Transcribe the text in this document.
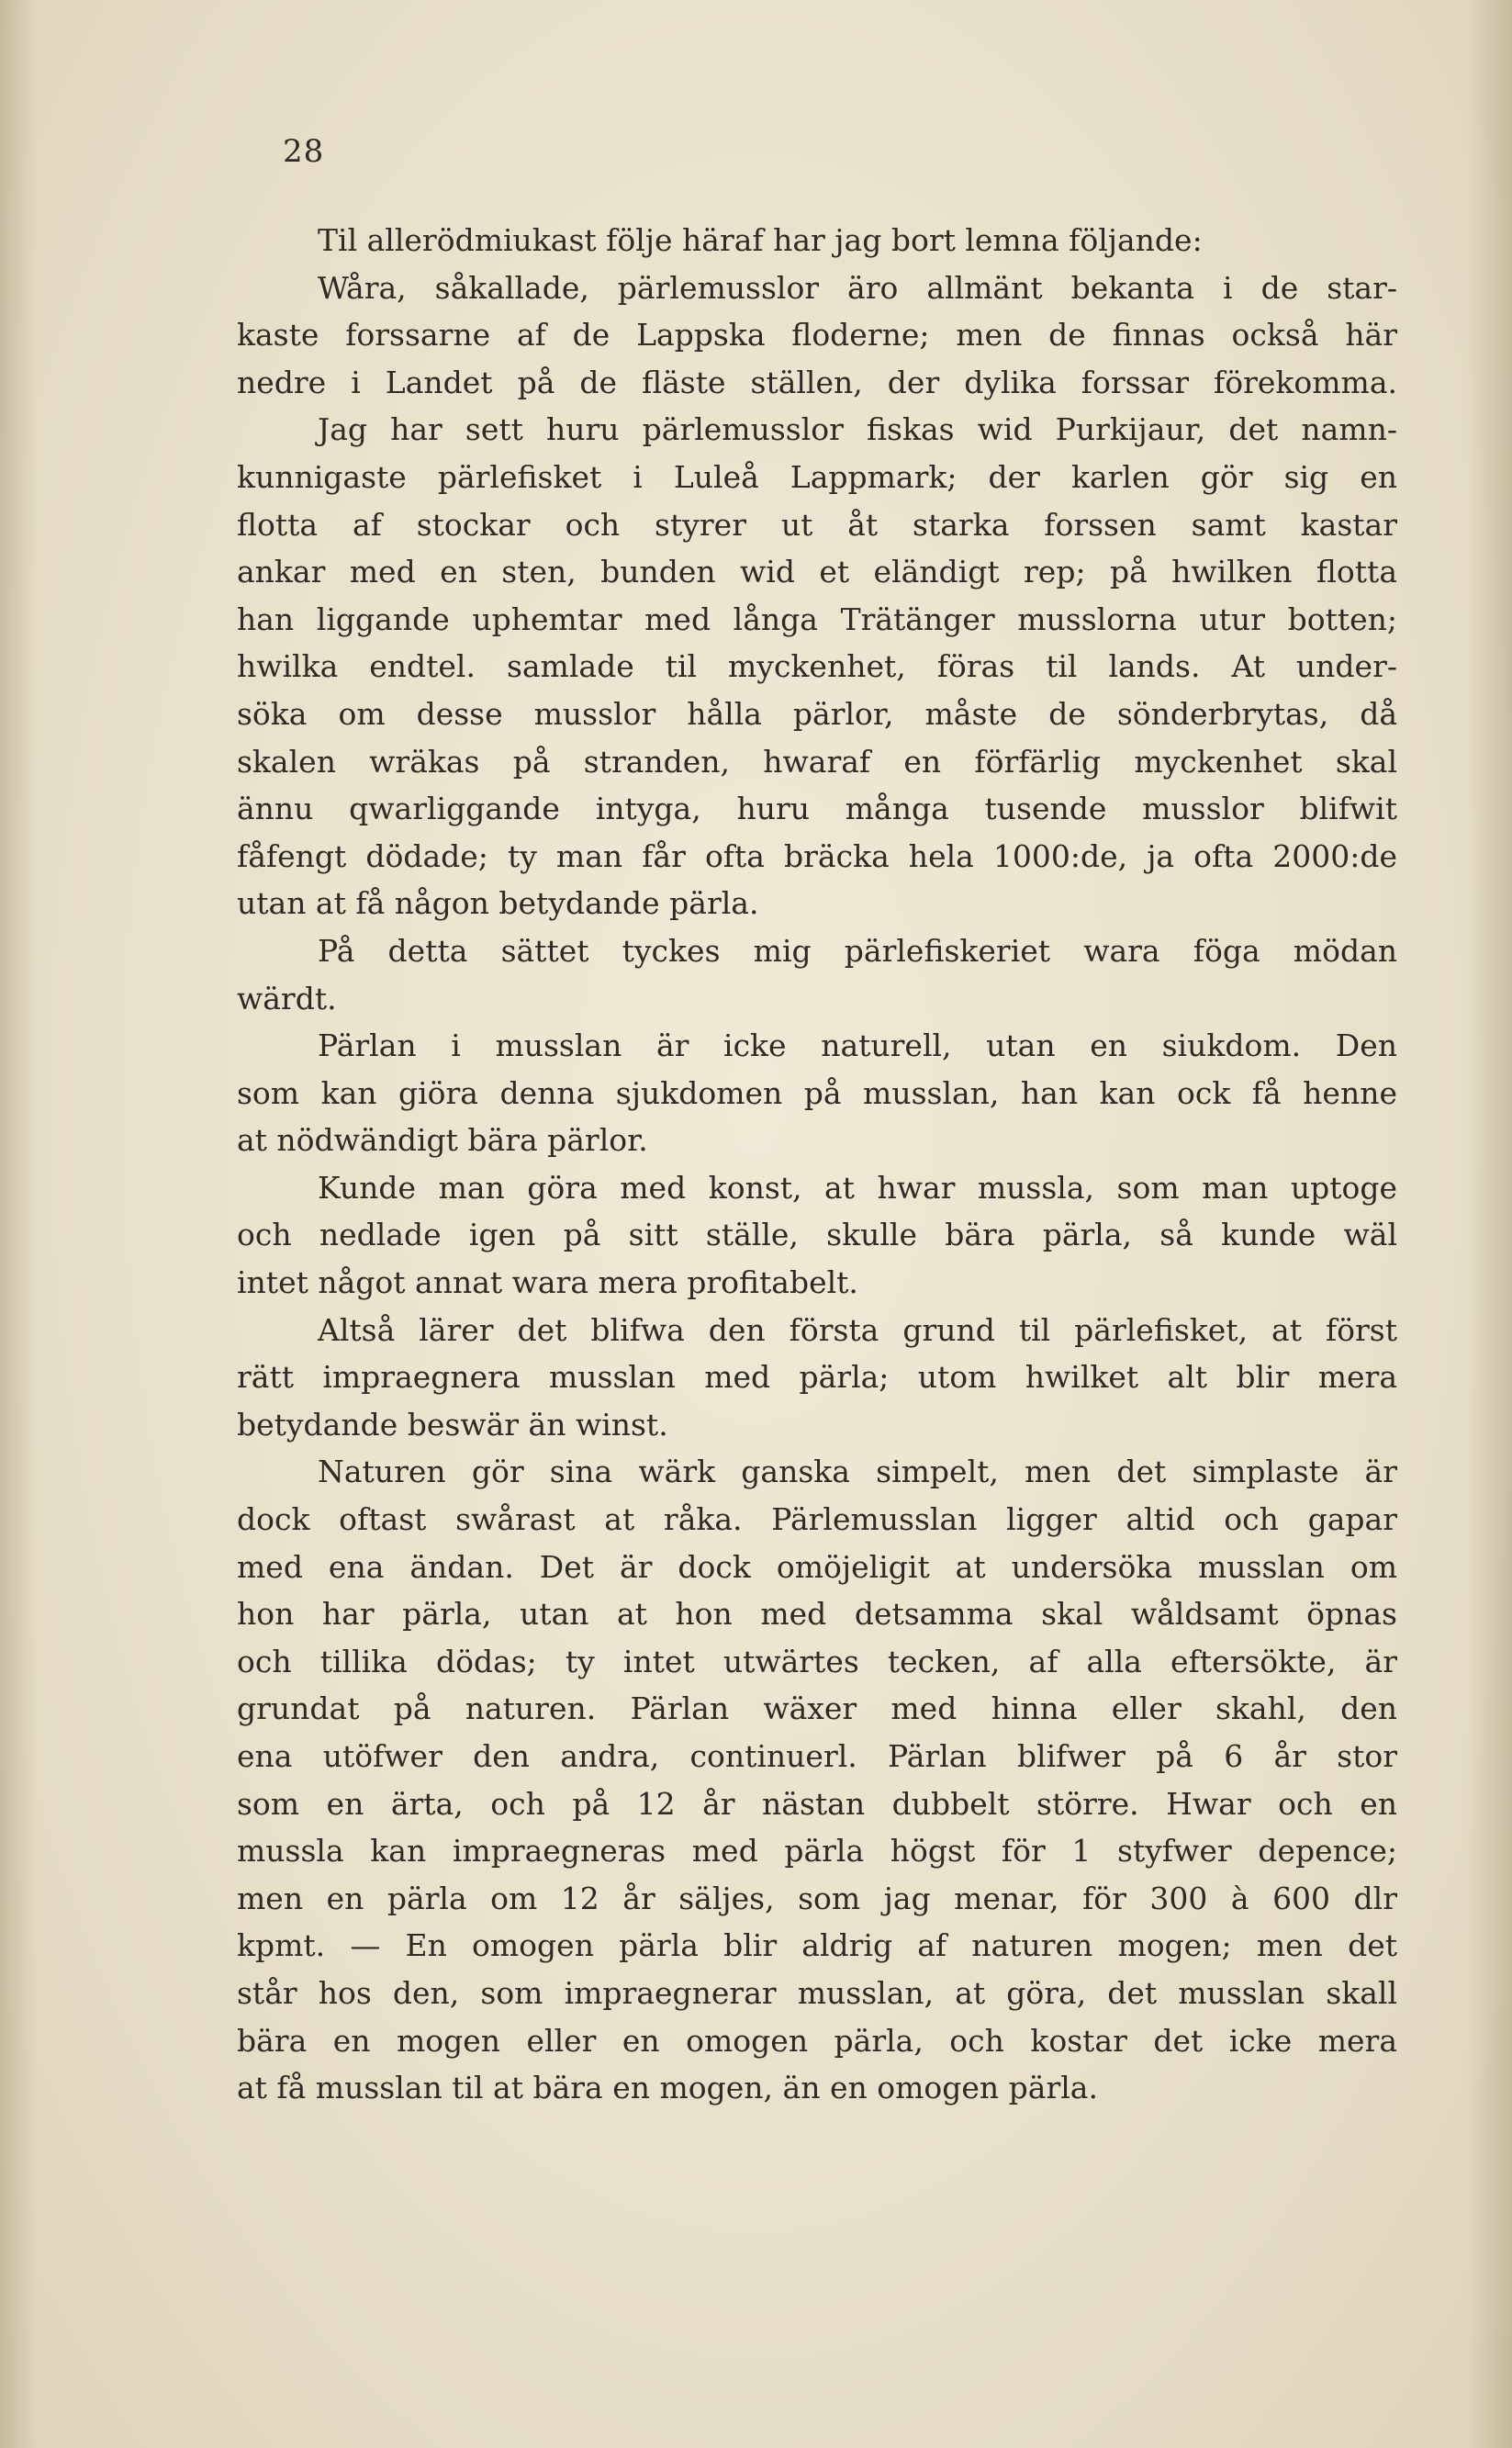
28

Til allerödmiukast följe häraf har jag bort lemna följande:

Wåra, såkallade, pärlemusslor äro allmänt bekanta i de star-
kaste forssarne af de Lappska floderne; men de finnas också här
nedre i Landet på de fläste ställen, der dylika forssar förekomma.

Jag har sett huru pärlemusslor fiskas wid Purkijaur, det namn-
kunnigaste pärlefisket i Luleå Lappmark; der karlen gör sig en
flotta af stockar och styrer ut åt starka forssen samt kastar
ankar med en sten, bunden wid et eländigt rep; på hwilken flotta
han liggande uphemtar med långa Trätänger musslorna utur botten;
hwilka endtel. samlade til myckenhet, föras til lands. At under-
söka om desse musslor hålla pärlor, måste de sönderbrytas, då
skalen wräkas på stranden, hwaraf en förfärlig myckenhet skal
ännu qwarliggande intyga, huru många tusende musslor blifwit
fåfengt dödade; ty man får ofta bräcka hela 1000:de, ja ofta 2000:de
utan at få någon betydande pärla.

På detta sättet tyckes mig pärlefiskeriet wara föga mödan
wärdt.

Pärlan i musslan är icke naturell, utan en siukdom. Den
som kan giöra denna sjukdomen på musslan, han kan ock få henne
at nödwändigt bära pärlor.

Kunde man göra med konst, at hwar mussla, som man uptoge
och nedlade igen på sitt ställe, skulle bära pärla, så kunde wäl
intet något annat wara mera profitabelt.

Altså lärer det blifwa den första grund til pärlefisket, at först
rätt impraegnera musslan med pärla; utom hwilket alt blir mera
betydande beswär än winst.

Naturen gör sina wärk ganska simpelt, men det simplaste är
dock oftast swårast at råka. Pärlemusslan ligger altid och gapar
med ena ändan. Det är dock omöjeligit at undersöka musslan om
hon har pärla, utan at hon med detsamma skal wåldsamt öpnas
och tillika dödas; ty intet utwärtes tecken, af alla eftersökte, är
grundat på naturen. Pärlan wäxer med hinna eller skahl, den
ena utöfwer den andra, continuerl. Pärlan blifwer på 6 år stor
som en ärta, och på 12 år nästan dubbelt större. Hwar och en
mussla kan impraegneras med pärla högst för 1 styfwer depence;
men en pärla om 12 år säljes, som jag menar, för 300 à 600 dlr
kpmt. — En omogen pärla blir aldrig af naturen mogen; men det
står hos den, som impraegnerar musslan, at göra, det musslan skall
bära en mogen eller en omogen pärla, och kostar det icke mera
at få musslan til at bära en mogen, än en omogen pärla.
